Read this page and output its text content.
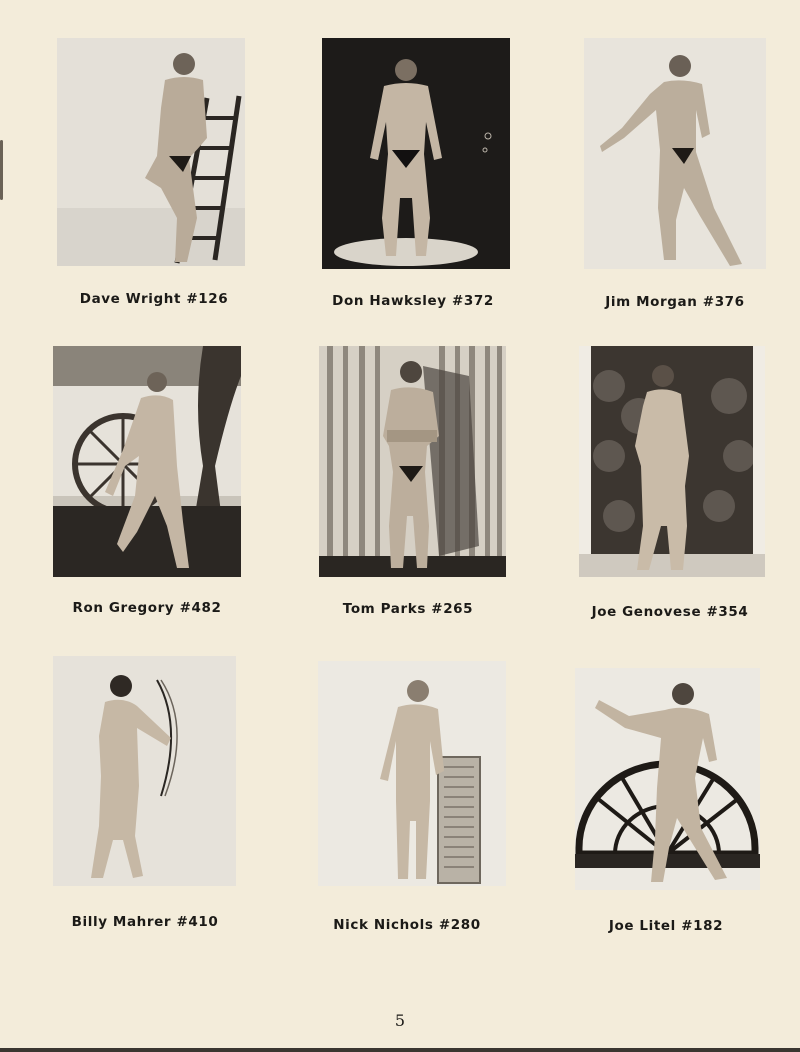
Dave Wright #126	Don Hawksley #372	Jim Morgan #376
Ron Gregory #482	Tom Parks #265	Joe Genovese #354
Billy Mahrer #410	Nick Nichols #280	Joe Litel #182
5
